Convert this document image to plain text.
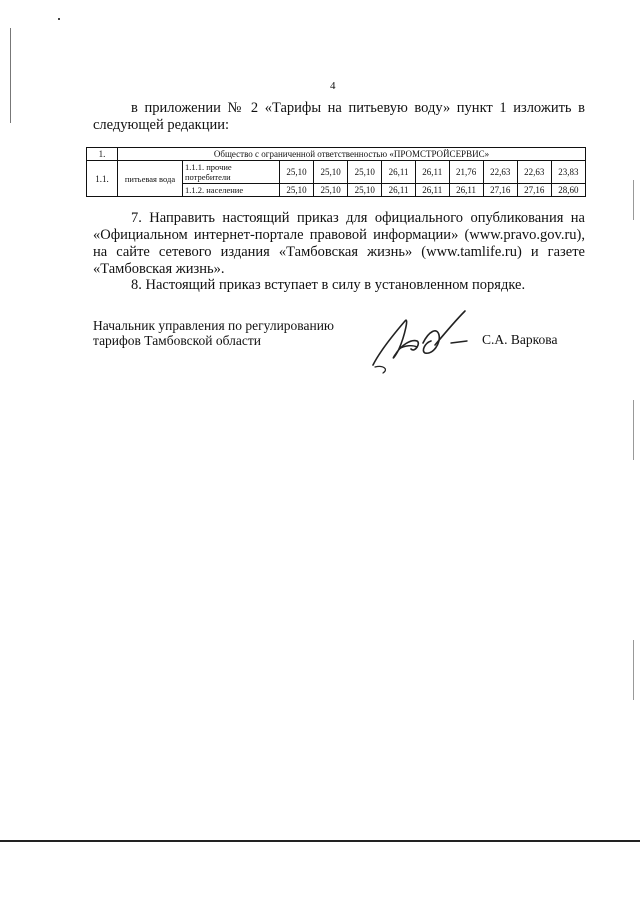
4
в приложении № 2 «Тарифы на питьевую воду» пункт 1 изложить в следующей редакции:
1.	Общество с ограниченной ответственностью «ПРОМСТРОЙСЕРВИС»										
1.1.	питьевая вода	1.1.1. прочие потребители	25,10	25,10	25,10	26,11	26,11	21,76	22,63	22,63	23,83
		1.1.2. население	25,10	25,10	25,10	26,11	26,11	26,11	27,16	27,16	28,60
7. Направить настоящий приказ для официального опубликования на «Официальном интернет-портале правовой информации» (www.pravo.gov.ru), на сайте сетевого издания «Тамбовская жизнь» (www.tamlife.ru) и газете «Тамбовская жизнь».
8. Настоящий приказ вступает в силу в установленном порядке.
Начальник управления по регулированию
тарифов Тамбовской области	С.А. Варкова
